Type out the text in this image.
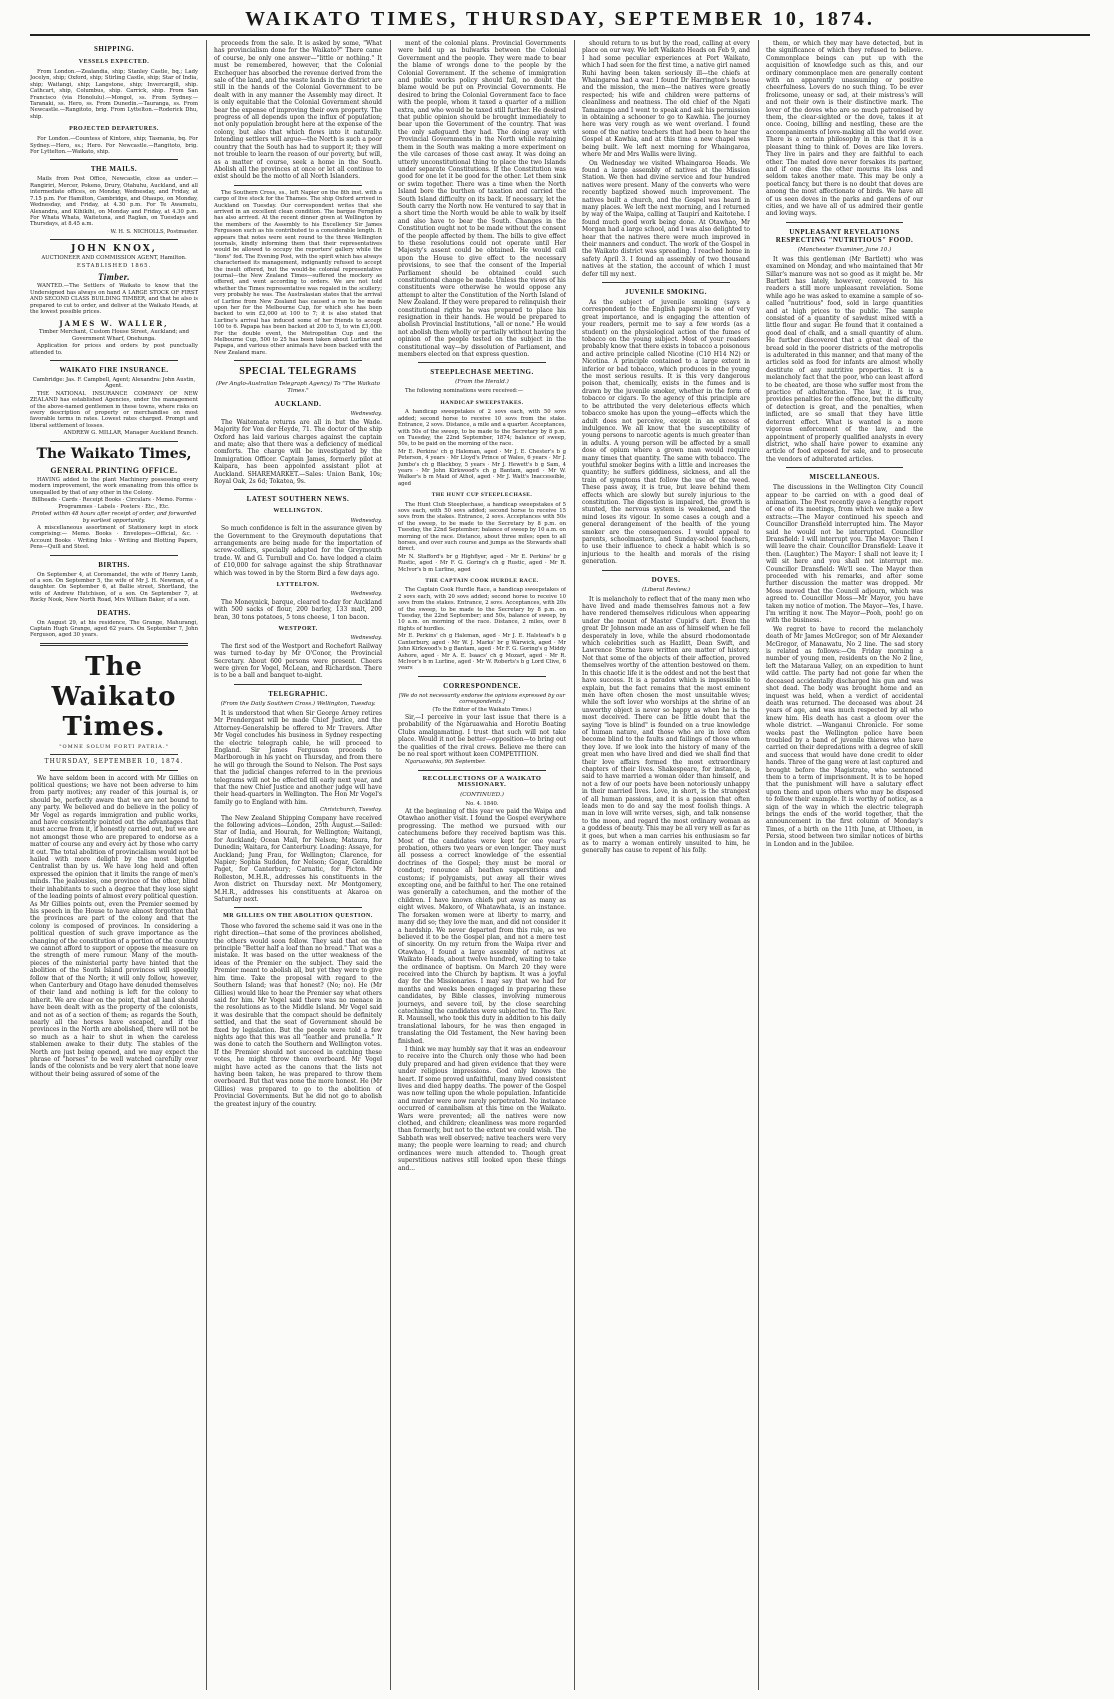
WAIKATO TIMES, THURSDAY, SEPTEMBER 10, 1874.
SHIPPING.
VESSELS EXPECTED.

From London.—Zealandia, ship; Stanley Castle, bq.; Lady Jocelyn, ship; Oxford, ship; Stirling Castle, ship; Star of India, ship; Waitangi, ship; Langstone, ship; Invercargill, ship. Cathcart, ship, Columbus, ship. Carrick, ship. From San Francisco (via Honolulu).—Mongol, ss. From Sydney.—Taranaki, ss. Hero, ss. From Dunedin.—Tauranga, ss. From Newcastle.—Rangitoto, brig. From Lyttelton.—Roderick Dhu, ship.

PROJECTED DEPARTURES.

For London.—Countess of Kintore, ship; Tasmania, bq. For Sydney.—Hero, ss.; Hero. For Newcastle.—Rangitoto, brig. For Lyttelton.—Waikato, ship.

THE MAILS.

Mails from Post Office, Newcastle, close as under:— Rangiriri, Mercer, Pokeno, Drury, Otahuhu, Auckland, and all intermediate offices, on Monday, Wednesday, and Friday, at 7.15 p.m. For Hamilton, Cambridge, and Ohaupo, on Monday, Wednesday, and Friday, at 4.30 p.m. For Te Awamutu, Alexandra, and Kihikihi, on Monday and Friday, at 4.30 p.m. For Whata Whata, Waitetuna, and Raglan, on Tuesdays and Thursdays, at 8.45 a.m.

W. H. S. NICHOLLS, Postmaster.

JOHN KNOX,

AUCTIONEER AND COMMISSION AGENT, Hamilton.

ESTABLISHED 1865.

Timber.

WANTED.—The Settlers of Waikato to know that the Undersigned has always on hand A LARGE STOCK OF FIRST AND SECOND CLASS BUILDING TIMBER, and that he also is prepared to cut to order, and deliver at the Waikato Heads, at the lowest possible prices.

JAMES W. WALLER,

Timber Merchant, Custom House Street, Auckland; and Government Wharf, Onehunga.

Application for prices and orders by post punctually attended to.

WAIKATO FIRE INSURANCE.

Cambridge: Jas. F. Campbell, Agent; Alexandra: John Austin, Agent.

THE NATIONAL INSURANCE COMPANY OF NEW ZEALAND has established Agencies, under the management of the above-named gentlemen in these towns, where risks on every description of property or merchandise on most favorable terms in rates. Lowest rates charged. Prompt and liberal settlement of losses.

ANDREW G. MILLAR, Manager Auckland Branch.

The Waikato Times,
GENERAL PRINTING OFFICE.

HAVING added to the plant Machinery possessing every modern improvement, the work emanating from this office is unequalled by that of any other in the Colony.

Billheads · Cards · Receipt Books · Circulars · Memo. Forms · Programmes · Labels · Posters · Etc., Etc.

Printed within 48 hours after receipt of order, and forwarded by earliest opportunity.

A miscellaneous assortment of Stationery kept in stock comprising:— Memo. Books · Envelopes—Official, &c. · Account Books · Writing Inks · Writing and Blotting Papers, Pens—Quill and Steel.

BIRTHS.

On September 4, at Coromandel, the wife of Henry Lamb, of a son. On September 5, the wife of Mr J. H. Newman, of a daughter. On September 6, at Ballie street, Shortland, the wife of Andrew Hutchison, of a son. On September 7, at Rocky Nook, New North Road, Mrs William Baker, of a son.

DEATHS.

On August 29, at his residence, The Grange, Mahurangi, Captain Hugh Grange, aged 62 years. On September 7, John Ferguson, aged 30 years.

The Waikato Times.
"OMNE SOLUM FORTI PATRIA."
THURSDAY, SEPTEMBER 10, 1874.

We have seldom been in accord with Mr Gillies on political questions; we have not been adverse to him from party motives; any reader of this journal is, or should be, perfectly aware that we are not bound to any party. We believed and do believe in the policy of Mr Vogel as regards immigration and public works, and have consistently pointed out the advantages that must accrue from it, if honestly carried out, but we are not amongst those who are prepared to endorse as a matter of course any and every act by those who carry it out. The total abolition of provincialism would not be hailed with more delight by the most bigoted Centralist than by us. We have long held and often expressed the opinion that it limits the range of men's minds. The jealousies, one province of the other, blind their inhabitants to such a degree that they lose sight of the leading points of almost every political question. As Mr Gillies points out, even the Premier seemed by his speech in the House to have almost forgotten that the provinces are part of the colony and that the colony is composed of provinces. In considering a political question of such grave importance as the changing of the constitution of a portion of the country we cannot afford to support or oppose the measure on the strength of mere rumour. Many of the mouth-pieces of the ministerial party have hinted that the abolition of the South Island provinces will speedily follow that of the North; it will only follow, however, when Canterbury and Otago have denuded themselves of their land and nothing is left for the colony to inherit. We are clear on the point, that all land should have been dealt with as the property of the colonists, and not as of a section of them; as regards the South, nearly all the horses have escaped, and if the provinces in the North are abolished, there will not be so much as a hair to shut in when the careless stablemen awake to their duty. The stables of the North are just being opened, and we may expect the phrase of "horses" to be well watched carefully over lands of the colonists and be very alert that none leave without their being assured of some of the

proceeds from the sale. It is asked by some, "What has provincialism done for the Waikato?" There came of course, be only one answer—"little or nothing." It must be remembered, however, that the Colonial Exchequer has absorbed the revenue derived from the sale of the land, and the waste lands in the district are still in the hands of the Colonial Government to be dealt with in any manner the Assembly may direct. It is only equitable that the Colonial Government should bear the expense of improving their own property. The progress of all depends upon the influx of population; not only population brought here at the expense of the colony, but also that which flows into it naturally. Intending settlers will argue—the North is such a poor country that the South has had to support it; they will not trouble to learn the reason of our poverty, but will, as a matter of course, seek a home in the South. Abolish all the provinces at once or let all continue to exist should be the motto of all North Islanders.

The Southern Cross, ss., left Napier on the 8th inst. with a cargo of live stock for the Thames. The ship Oxford arrived in Auckland on Tuesday. Our correspondent writes that she arrived in an excellent clean condition. The barque Fernglen has also arrived. At the recent dinner given at Wellington by the members of the Assembly to his Excellency Sir James Fergusson such as his contributed to a considerable length. It appears that notes were sent round to the three Wellington journals, kindly informing them that their representatives would be allowed to occupy the reporters' gallery while the "lions" fed. The Evening Post, with the spirit which has always characterised its management, indignantly refused to accept the insult offered, but the would-be colonial representative journal—the New Zealand Times—suffered the mockery as offered, and went according to orders. We are not told whether the Times representative was regaled in the scullery; very probably he was. The Australasian states that the arrival of Lurline from New Zealand has caused a run to be made upon her for the Melbourne Cup, for which she has been backed to win £2,000 at 100 to 7; it is also stated that Lurline's arrival has induced some of her friends to accept 100 to 6. Papapa has been backed at 200 to 3, to win £3,000. For the double event, the Metropolitan Cup and the Melbourne Cup, 500 to 25 has been taken about Lurline and Papapa, and various other animals have been backed with the New Zealand mare.

SPECIAL TELEGRAMS
(Per Anglo-Australian Telegraph Agency) To "The Waikato Times."
AUCKLAND.

Wednesday.

The Waitemata returns are all in but the Wade. Majority for Von der Heyde, 71. The doctor of the ship Oxford has laid various charges against the captain and mate; also that there was a deficiency of medical comforts. The charge will be investigated by the Immigration Officer. Captain James, formerly pilot at Kaipara, has been appointed assistant pilot at Auckland. SHAREMARKET.—Sales: Union Bank, 10s; Royal Oak, 2s 6d; Tokatea, 9s.

LATEST SOUTHERN NEWS.
WELLINGTON.

Wednesday.

So much confidence is felt in the assurance given by the Government to the Greymouth deputations that arrangements are being made for the importation of screw-colliers, specially adapted for the Greymouth trade. W. and G. Turnbull and Co. have lodged a claim of £10,000 for salvage against the ship Strathnavar which was towed in by the Storm Bird a few days ago.

LYTTELTON.

Wednesday.

The Moneynick, barque, cleared to-day for Auckland with 500 sacks of flour, 200 barley, 133 malt, 200 bran, 30 tons potatoes, 5 tons cheese, 1 ton bacon.

WESTPORT.

Wednesday.

The first sod of the Westport and Rochefort Railway was turned to-day by Mr O'Conor, the Provincial Secretary. About 600 persons were present. Cheers were given for Vogel, McLean, and Richardson. There is to be a ball and banquet to-night.

TELEGRAPHIC.
(From the Daily Southern Cross.) Wellington, Tuesday.

It is understood that when Sir George Arney retires Mr Prendergast will be made Chief Justice, and the Attorney-Generalship be offered to Mr Travers. After Mr Vogel concludes his business in Sydney respecting the electric telegraph cable, he will proceed to England. Sir James Fergusson proceeds to Marlborough in his yacht on Thursday, and from there he will go through the Sound to Nelson. The Post says that the judicial changes referred to in the previous telegrams will not be effected till early next year, and that the new Chief Justice and another judge will have their head-quarters in Wellington. The Hon Mr Vogel's family go to England with him.

Christchurch, Tuesday.

The New Zealand Shipping Company have received the following advices—London, 25th August.—Sailed: Star of India, and Hourah, for Wellington; Waitangi, for Auckland; Ocean Mail, for Nelson; Mataura, for Dunedin; Waitara, for Canterbury. Loading: Assaye, for Auckland; Jung Frau, for Wellington; Clarence, for Napier; Sophia Sudden, for Nelson; Gogar, Geraldine Paget, for Canterbury; Carnatic, for Picton. Mr Rolleston, M.H.R., addresses his constituents in the Avon district on Thursday next. Mr Montgomery, M.H.R., addresses his constituents at Akaroa on Saturday next.

MR GILLIES ON THE ABOLITION QUESTION.

Those who favored the scheme said it was one in the right direction—that some of the provinces abolished, the others would soon follow. They said that on the principle "Better half a loaf than no bread." That was a mistake. It was based on the utter weakness of the ideas of the Premier on the subject. They said the Premier meant to abolish all, but yet they were to give him time. Take the proposal with regard to the Southern Island; was that honest? (No; no). He (Mr Gillies) would like to hear the Premier say what others said for him. Mr Vogel said there was no menace in the resolutions as to the Middle Island. Mr Vogel said it was desirable that the compact should be definitely settled, and that the seat of Government should be fixed by legislation. But the people were told a few nights ago that this was all "leather and prunella." It was done to catch the Southern and Wellington votes. If the Premier should not succeed in catching these votes, he might throw them overboard. Mr Vogel might have acted as the canons that the lists not having been taken, he was prepared to throw them overboard. But that was none the more honest. He (Mr Gillies) was prepared to go to the abolition of Provincial Governments. But he did not go to abolish the greatest injury of the country.

ment of the colonial plans. Provincial Governments were held up as bulwarks between the Colonial Government and the people. They were made to bear the blame of wrongs done to the people by the Colonial Government. If the scheme of immigration and public works policy should fail, no doubt the blame would be put on Provincial Governments. He desired to bring the Colonial Government face to face with the people, whom it taxed a quarter of a million extra, and who would be taxed still further. He desired that public opinion should be brought immediately to bear upon the Government of the country. That was the only safeguard they had. The doing away with Provincial Governments in the North while retaining them in the South was making a more experiment on the vile carcases of those cast away. It was doing an utterly unconstitutional thing to place the two Islands under separate Constitutions. If the Constitution was good for one let it be good for the other. Let them sink or swim together. There was a time when the North Island bore the burthen of taxation and carried the South Island difficulty on its back. If necessary, let the South carry the North now. He ventured to say that in a short time the North would be able to walk by itself and also have to bear the South. Changes in the Constitution ought not to be made without the consent of the people affected by them. The bills to give effect to these resolutions could not operate until Her Majesty's assent could be obtained. He would call upon the House to give effect to the necessary provisions, to see that the consent of the Imperial Parliament should be obtained could such constitutional change be made. Unless the views of his constituents were otherwise he would oppose any attempt to alter the Constitution of the North Island of New Zealand. If they were prepared to relinquish their constitutional rights he was prepared to place his resignation in their hands. He would be prepared to abolish Provincial Institutions, "all or none." He would not abolish them wholly or partially without having the opinion of the people tested on the subject in the constitutional way—by dissolution of Parliament, and members elected on that express question.

STEEPLECHASE MEETING.
(From the Herald.)

The following nominations were received:—

HANDICAP SWEEPSTAKES.

A handicap sweepstakes of 2 sovs each, with 50 sovs added; second horse to receive 10 sovs from the stake. Entrance, 2 sovs. Distance, a mile and a quarter. Acceptances, with 50s of the sweep, to be made to the Secretary by 8 p.m. on Tuesday, the 22nd September, 1874; balance of sweep, 50s, to be paid on the morning of the race.

Mr E. Perkins' ch g Haleman, aged · Mr J. E. Chester's b g Peterson, 4 years · Mr Lloyd's Prince of Wales, 6 years · Mr J. Jumbo's ch g Blackboy, 5 years · Mr J. Hewett's b g Sam, 4 years · Mr John Kirkwood's ch g Bantam, aged · Mr W. Walker's b m Maid of Athol, aged · Mr J. Watt's Inaccessible, aged

THE HUNT CUP STEEPLECHASE.

The Hunt Club Steeplechase, a handicap sweepstakes of 5 sovs each, with 50 sovs added; second horse to receive 15 sovs from the stakes. Entrance, 2 sovs. Acceptances with 50s of the sweep, to be made to the Secretary by 8 p.m. on Tuesday, the 22nd September; balance of sweep by 10 a.m. on morning of the race. Distance, about three miles; open to all horses, and over such course and jumps as the Stewards shall direct.

Mr N. Stafford's br g Highflyer, aged · Mr E. Perkins' br g Rustic, aged · Mr F. G. Goring's ch g Rustic, aged · Mr R. McIvor's b m Lurline, aged

THE CAPTAIN COOK HURDLE RACE.

The Captain Cook Hurdle Race, a handicap sweepstakes of 2 sovs each, with 20 sovs added; second horse to receive 10 sovs from the stakes. Entrance, 2 sovs. Acceptances, with 20s of the sweep, to be made to the Secretary by 8 p.m. on Tuesday, the 22nd September; and 50s, balance of sweep, by 10 a.m. on morning of the race. Distance, 2 miles, over 8 flights of hurdles.

Mr E. Perkins' ch g Haleman, aged · Mr J. E. Halstead's b g Canterbury, aged · Mr W. J. Marks' br g Warwick, aged · Mr John Kirkwood's b g Bantam, aged · Mr F. G. Goring's g Middy Ashore, aged · Mr A. E. Isaacs' ch g Mozart, aged · Mr R. McIvor's b m Lurline, aged · Mr W. Roberts's b g Lord Clive, 6 years

CORRESPONDENCE.

[We do not necessarily endorse the opinions expressed by our correspondents.]

(To the Editor of the Waikato Times.)

Sir,—I perceive in your last issue that there is a probability of the Ngaruawahia and Horotiu Boating Clubs amalgamating. I trust that such will not take place. Would it not be better—opposition—to bring out the qualities of the rival crews. Believe me there can be no real sport without keen COMPETITION.

Ngaruawahia, 9th September.

RECOLLECTIONS OF A WAIKATO MISSIONARY.
(CONTINUED.)

No. 4. 1840.

At the beginning of this year we paid the Waipa and Otawhao another visit. I found the Gospel everywhere progressing. The method we pursued with our catechumens before they received baptism was this. Most of the candidates were kept for one year's probation, others two years or even longer. They must all possess a correct knowledge of the essential doctrines of the Gospel; they must be moral or conduct; renounce all heathen superstitions and customs; if polygamists, put away all their wives excepting one, and be faithful to her. The one retained was generally a catechumen, and the mother of the children. I have known chiefs put away as many as eight wives. Makoro, of Whatawhata, is an instance. The forsaken women were at liberty to marry, and many did so; they love the man, and did not consider it a hardship. We never departed from this rule, as we believed it to be the Gospel plan, and not a mere test of sincerity. On my return from the Waipa river and Otawhao, I found a large assembly of natives at Waikato Heads, about twelve hundred, waiting to take the ordinance of baptism. On March 20 they were received into the Church by baptism. It was a joyful day for the Missionaries. I may say that we had for months and weeks been engaged in preparing these candidates, by Bible classes, involving numerous journeys, and severe toil, by the close searching catechising the candidates were subjected to. The Rev. R. Maunsell, who took this duty in addition to his daily translational labours, for he was then engaged in translating the Old Testament, the New having been finished.

I think we may humbly say that it was an endeavour to receive into the Church only those who had been duly prepared and had given evidence that they were under religious impressions. God only knows the heart. If some proved unfaithful, many lived consistent lives and died happy deaths. The power of the Gospel was now telling upon the whole population. Infanticide and murder were now rarely perpetrated. No instance occurred of cannibalism at this time on the Waikato. Wars were prevented; all the natives were now clothed, and children; cleanliness was more regarded than formerly, but not to the extent we could wish. The Sabbath was well observed; native teachers were very many; the people were learning to read; and church ordinances were much attended to. Though great superstitious natives still looked upon these things and...

should return to us but by the road, calling at every place on our way. We left Waikato Heads on Feb 9, and I had some peculiar experiences at Port Waikato, which I had seen for the first time, a native girl named Ruhi having been taken seriously ill—the chiefs at Whaingaroa had a war. I found Dr Harrington's house and the mission, the men—the natives were greatly respected; his wife and children were patterns of cleanliness and neatness. The old chief of the Ngati Tamainupo and I went to speak and ask his permission in obtaining a schooner to go to Kawhia. The journey here was very rough as we went overland. I found some of the native teachers that had been to hear the Gospel at Kawhia, and at this time a new chapel was being built. We left next morning for Whaingaroa, where Mr and Mrs Wallis were living.

On Wednesday we visited Whaingaroa Heads. We found a large assembly of natives at the Mission Station. We then had divine service and four hundred natives were present. Many of the converts who were recently baptized showed much improvement. The natives built a church, and the Gospel was heard in many places. We left the next morning, and I returned by way of the Waipa, calling at Taupiri and Kaitotehe. I found much good work being done. At Otawhao, Mr Morgan had a large school, and I was also delighted to hear that the natives there were much improved in their manners and conduct. The work of the Gospel in the Waikato district was spreading. I reached home in safety April 3. I found an assembly of two thousand natives at the station, the account of which I must defer till my next.

JUVENILE SMOKING.

As the subject of juvenile smoking (says a correspondent to the English papers) is one of very great importance, and is engaging the attention of your readers, permit me to say a few words (as a student) on the physiological action of the fumes of tobacco on the young subject. Most of your readers probably know that there exists in tobacco a poisonous and active principle called Nicotine (C10 H14 N2) or Nicotina. A principle contained to a large extent in inferior or bad tobacco, which produces in the young the most serious results. It is this very dangerous poison that, chemically, exists in the fumes and is drawn by the juvenile smoker, whether in the form of tobacco or cigars. To the agency of this principle are to be attributed the very deleterious effects which tobacco smoke has upon the young—effects which the adult does not perceive, except in an excess of indulgence. We all know that the susceptibility of young persons to narcotic agents is much greater than in adults. A young person will be affected by a small dose of opium where a grown man would require many times that quantity. The same with tobacco. The youthful smoker begins with a little and increases the quantity; he suffers giddiness, sickness, and all the train of symptoms that follow the use of the weed. These pass away, it is true, but leave behind them effects which are slowly but surely injurious to the constitution. The digestion is impaired, the growth is stunted, the nervous system is weakened, and the mind loses its vigour. In some cases a cough and a general derangement of the health of the young smoker are the consequences. I would appeal to parents, schoolmasters, and Sunday-school teachers, to use their influence to check a habit which is so injurious to the health and morals of the rising generation.

DOVES.
(Liberal Review.)

It is melancholy to reflect that of the many men who have lived and made themselves famous not a few have rendered themselves ridiculous when appearing under the mount of Master Cupid's dart. Even the great Dr Johnson made an ass of himself when he fell desperately in love, while the absurd rhodomontade which celebrities such as Hazlitt, Dean Swift, and Lawrence Sterne have written are matter of history. Not that some of the objects of their affection, proved themselves worthy of the attention bestowed on them. In this chaotic life it is the oddest and not the best that have success. It is a paradox which is impossible to explain, but the fact remains that the most eminent men have often chosen the most unsuitable wives; while the soft lover who worships at the shrine of an unworthy object is never so happy as when he is the most deceived. There can be little doubt that the saying "love is blind" is founded on a true knowledge of human nature, and those who are in love often become blind to the faults and failings of those whom they love. If we look into the history of many of the great men who have lived and died we shall find that their love affairs formed the most extraordinary chapters of their lives. Shakespeare, for instance, is said to have married a woman older than himself, and not a few of our poets have been notoriously unhappy in their married lives. Love, in short, is the strangest of all human passions, and it is a passion that often leads men to do and say the most foolish things. A man in love will write verses, sigh, and talk nonsense to the moon, and regard the most ordinary woman as a goddess of beauty. This may be all very well as far as it goes, but when a man carries his enthusiasm so far as to marry a woman entirely unsuited to him, he generally has cause to repent of his folly.

them, or which they may have detected, but in the significance of which they refused to believe. Commonplace beings can put up with the acquisition of knowledge such as this, and our ordinary commonplace men are generally content with an apparently unassuming or positive cheerfulness. Lovers do no such thing. To be ever frolicsome, uneasy or sad, at their mistress's will and not their own is their distinctive mark. The lover of the doves who are so much patronised by them, the clear-sighted or the dove, takes it at once. Cooing, billing and nestling, these are the accompaniments of love-making all the world over. There is a certain philosophy in this that it is a pleasant thing to think of. Doves are like lovers. They live in pairs and they are faithful to each other. The mated dove never forsakes its partner, and if one dies the other mourns its loss and seldom takes another mate. This may be only a poetical fancy, but there is no doubt that doves are among the most affectionate of birds. We have all of us seen doves in the parks and gardens of our cities, and we have all of us admired their gentle and loving ways.

UNPLEASANT REVELATIONS RESPECTING "NUTRITIOUS" FOOD.
(Manchester Examiner, June 10.)

It was this gentleman (Mr Bartlett) who was examined on Monday, and who maintained that Mr Sillar's manure was not so good as it might be. Mr Bartlett has lately, however, conveyed to his readers a still more unpleasant revelation. Some while ago he was asked to examine a sample of so-called "nutritious" food, sold in large quantities and at high prices to the public. The sample consisted of a quantity of sawdust mixed with a little flour and sugar. He found that it contained a good deal of chalk, and a small quantity of alum. He further discovered that a great deal of the bread sold in the poorer districts of the metropolis is adulterated in this manner, and that many of the articles sold as food for infants are almost wholly destitute of any nutritive properties. It is a melancholy fact that the poor, who can least afford to be cheated, are those who suffer most from the practice of adulteration. The law, it is true, provides penalties for the offence, but the difficulty of detection is great, and the penalties, when inflicted, are so small that they have little deterrent effect. What is wanted is a more vigorous enforcement of the law, and the appointment of properly qualified analysts in every district, who shall have power to examine any article of food exposed for sale, and to prosecute the vendors of adulterated articles.

MISCELLANEOUS.

The discussions in the Wellington City Council appear to be carried on with a good deal of animation. The Post recently gave a lengthy report of one of its meetings, from which we make a few extracts:—The Mayor continued his speech and Councillor Dransfield interrupted him. The Mayor said he would not be interrupted. Councillor Dransfield: I will interrupt you. The Mayor: Then I will leave the chair. Councillor Dransfield: Leave it then. (Laughter.) The Mayor: I shall not leave it; I will sit here and you shall not interrupt me. Councillor Dransfield: We'll see. The Mayor then proceeded with his remarks, and after some further discussion the matter was dropped. Mr Moss moved that the Council adjourn, which was agreed to. Councillor Moss—Mr Mayor, you have taken my notice of motion. The Mayor—Yes, I have. I'm writing it now. The Mayor—Pooh, pooh! go on with the business.

We regret to have to record the melancholy death of Mr James McGregor, son of Mr Alexander McGregor, of Manawatu, No 2 line. The sad story is related as follows:—On Friday morning a number of young men, residents on the No 2 line, left the Mataraua Valley, on an expedition to hunt wild cattle. The party had not gone far when the deceased accidentally discharged his gun and was shot dead. The body was brought home and an inquest was held, when a verdict of accidental death was returned. The deceased was about 24 years of age, and was much respected by all who knew him. His death has cast a gloom over the whole district. —Wanganui Chronicle. For some weeks past the Wellington police have been troubled by a band of juvenile thieves who have carried on their depredations with a degree of skill and success that would have done credit to older hands. Three of the gang were at last captured and brought before the Magistrate, who sentenced them to a term of imprisonment. It is to be hoped that the punishment will have a salutary effect upon them and upon others who may be disposed to follow their example. It is worthy of notice, as a sign of the way in which the electric telegraph brings the ends of the world together, that the announcement in the first column of Monday's Times, of a birth on the 11th June, at Ulthoeu, in Persia, stood between two similar notices of births in London and in the Jubilee.
